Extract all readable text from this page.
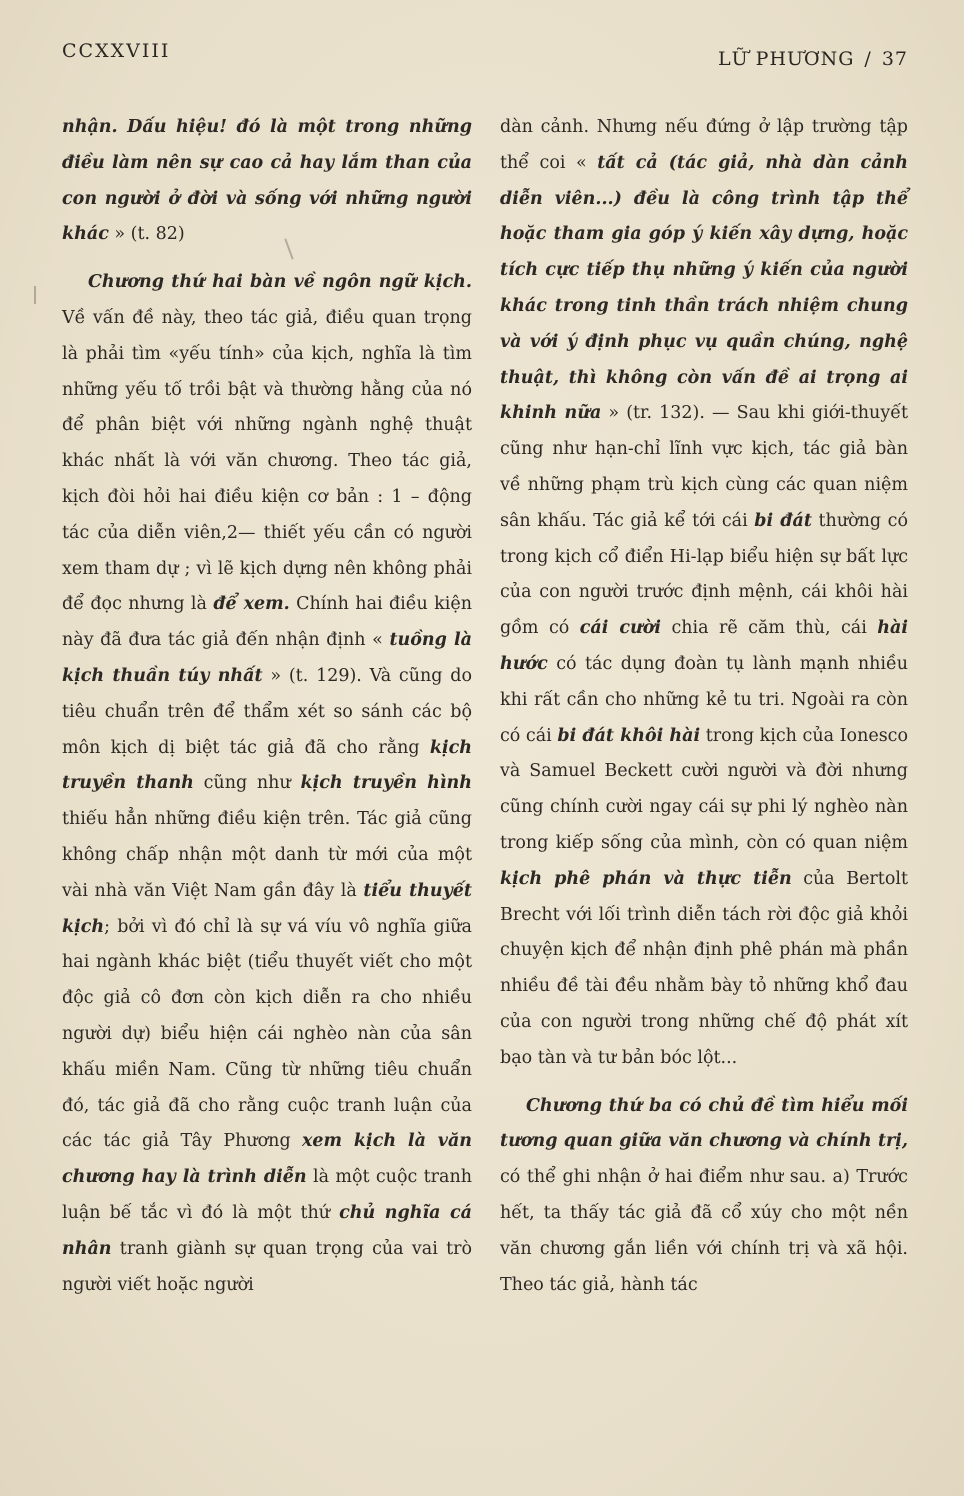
CCXXVIII	LỮ PHƯƠNG / 37

nhận. Dấu hiệu! đó là một trong những điều làm nên sự cao cả hay lắm than của con người ở đời và sống với những người khác » (t. 82)

Chương thứ hai bàn về ngôn ngữ kịch. Về vấn đề này, theo tác giả, điều quan trọng là phải tìm «yếu tính» của kịch, nghĩa là tìm những yếu tố trồi bật và thường hằng của nó để phân biệt với những ngành nghệ thuật khác nhất là với văn chương. Theo tác giả, kịch đòi hỏi hai điều kiện cơ bản : 1 – động tác của diễn viên,2— thiết yếu cần có người xem tham dự ; vì lẽ kịch dựng nên không phải để đọc nhưng là để xem. Chính hai điều kiện này đã đưa tác giả đến nhận định « tuồng là kịch thuần túy nhất » (t. 129). Và cũng do tiêu chuẩn trên để thẩm xét so sánh các bộ môn kịch dị biệt tác giả đã cho rằng kịch truyền thanh cũng như kịch truyền hình thiếu hẳn những điều kiện trên. Tác giả cũng không chấp nhận một danh từ mới của một vài nhà văn Việt Nam gần đây là tiểu thuyết kịch; bởi vì đó chỉ là sự vá víu vô nghĩa giữa hai ngành khác biệt (tiểu thuyết viết cho một độc giả cô đơn còn kịch diễn ra cho nhiều người dự) biểu hiện cái nghèo nàn của sân khấu miền Nam. Cũng từ những tiêu chuẩn đó, tác giả đã cho rằng cuộc tranh luận của các tác giả Tây Phương xem kịch là văn chương hay là trình diễn là một cuộc tranh luận bế tắc vì đó là một thứ chủ nghĩa cá nhân tranh giành sự quan trọng của vai trò người viết hoặc người

dàn cảnh. Nhưng nếu đứng ở lập trường tập thể coi « tất cả (tác giả, nhà dàn cảnh diễn viên...) đều là công trình tập thể hoặc tham gia góp ý kiến xây dựng, hoặc tích cực tiếp thụ những ý kiến của người khác trong tinh thần trách nhiệm chung và với ý định phục vụ quần chúng, nghệ thuật, thì không còn vấn đề ai trọng ai khinh nữa » (tr. 132). — Sau khi giới-thuyết cũng như hạn-chỉ lĩnh vực kịch, tác giả bàn về những phạm trù kịch cùng các quan niệm sân khấu. Tác giả kể tới cái bi đát thường có trong kịch cổ điển Hi-lạp biểu hiện sự bất lực của con người trước định mệnh, cái khôi hài gồm có cái cười chia rẽ căm thù, cái hài hước có tác dụng đoàn tụ lành mạnh nhiều khi rất cần cho những kẻ tu tri. Ngoài ra còn có cái bi đát khôi hài trong kịch của Ionesco và Samuel Beckett cười người và đời nhưng cũng chính cười ngay cái sự phi lý nghèo nàn trong kiếp sống của mình, còn có quan niệm kịch phê phán và thực tiễn của Bertolt Brecht với lối trình diễn tách rời độc giả khỏi chuyện kịch để nhận định phê phán mà phần nhiều đề tài đều nhằm bày tỏ những khổ đau của con người trong những chế độ phát xít bạo tàn và tư bản bóc lột...

Chương thứ ba có chủ đề tìm hiểu mối tương quan giữa văn chương và chính trị, có thể ghi nhận ở hai điểm như sau. a) Trước hết, ta thấy tác giả đã cổ xúy cho một nền văn chương gắn liền với chính trị và xã hội. Theo tác giả, hành tác
